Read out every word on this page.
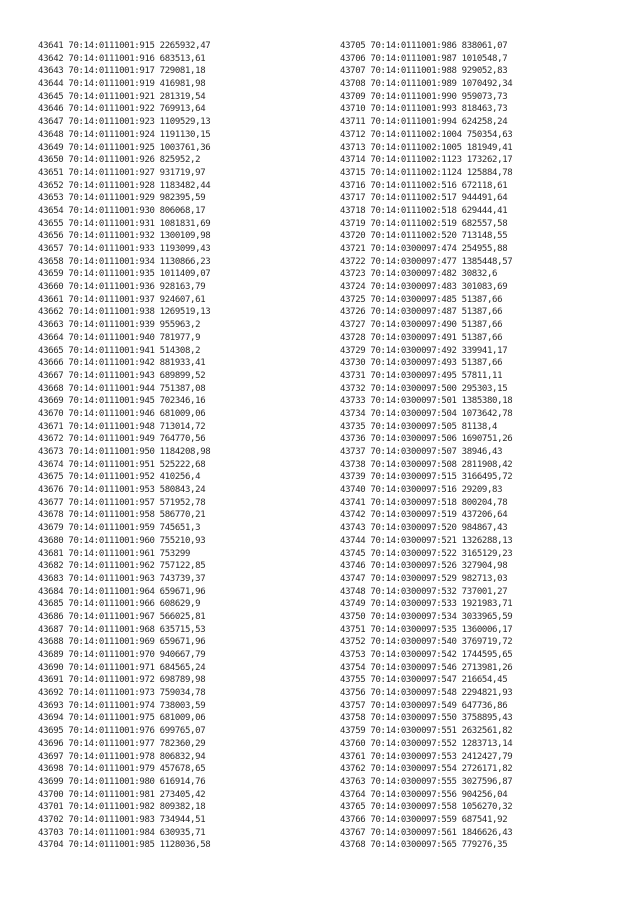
43641 70:14:0111001:915 2265932,47
43642 70:14:0111001:916 683513,61
43643 70:14:0111001:917 729081,18
43644 70:14:0111001:919 416981,98
43645 70:14:0111001:921 281319,54
43646 70:14:0111001:922 769913,64
43647 70:14:0111001:923 1109529,13
43648 70:14:0111001:924 1191130,15
43649 70:14:0111001:925 1003761,36
43650 70:14:0111001:926 825952,2
43651 70:14:0111001:927 931719,97
43652 70:14:0111001:928 1183482,44
43653 70:14:0111001:929 982395,59
43654 70:14:0111001:930 806068,17
43655 70:14:0111001:931 1081831,69
43656 70:14:0111001:932 1300109,98
43657 70:14:0111001:933 1193099,43
43658 70:14:0111001:934 1130866,23
43659 70:14:0111001:935 1011409,07
43660 70:14:0111001:936 928163,79
43661 70:14:0111001:937 924607,61
43662 70:14:0111001:938 1269519,13
43663 70:14:0111001:939 955963,2
43664 70:14:0111001:940 781977,9
43665 70:14:0111001:941 514308,2
43666 70:14:0111001:942 881933,41
43667 70:14:0111001:943 689899,52
43668 70:14:0111001:944 751387,08
43669 70:14:0111001:945 702346,16
43670 70:14:0111001:946 681009,06
43671 70:14:0111001:948 713014,72
43672 70:14:0111001:949 764770,56
43673 70:14:0111001:950 1184208,98
43674 70:14:0111001:951 525222,68
43675 70:14:0111001:952 410256,4
43676 70:14:0111001:953 580843,24
43677 70:14:0111001:957 571952,78
43678 70:14:0111001:958 586770,21
43679 70:14:0111001:959 745651,3
43680 70:14:0111001:960 755210,93
43681 70:14:0111001:961 753299
43682 70:14:0111001:962 757122,85
43683 70:14:0111001:963 743739,37
43684 70:14:0111001:964 659671,96
43685 70:14:0111001:966 608629,9
43686 70:14:0111001:967 566025,81
43687 70:14:0111001:968 635715,53
43688 70:14:0111001:969 659671,96
43689 70:14:0111001:970 940667,79
43690 70:14:0111001:971 684565,24
43691 70:14:0111001:972 698789,98
43692 70:14:0111001:973 759034,78
43693 70:14:0111001:974 738003,59
43694 70:14:0111001:975 681009,06
43695 70:14:0111001:976 699765,07
43696 70:14:0111001:977 782360,29
43697 70:14:0111001:978 806832,94
43698 70:14:0111001:979 457678,65
43699 70:14:0111001:980 616914,76
43700 70:14:0111001:981 273405,42
43701 70:14:0111001:982 809382,18
43702 70:14:0111001:983 734944,51
43703 70:14:0111001:984 630935,71
43704 70:14:0111001:985 1128036,58
43705 70:14:0111001:986 838061,07
43706 70:14:0111001:987 1010548,7
43707 70:14:0111001:988 929052,83
43708 70:14:0111001:989 1070492,34
43709 70:14:0111001:990 959073,73
43710 70:14:0111001:993 818463,73
43711 70:14:0111001:994 624258,24
43712 70:14:0111002:1004 750354,63
43713 70:14:0111002:1005 181949,41
43714 70:14:0111002:1123 173262,17
43715 70:14:0111002:1124 125884,78
43716 70:14:0111002:516 672118,61
43717 70:14:0111002:517 944491,64
43718 70:14:0111002:518 629444,41
43719 70:14:0111002:519 682557,58
43720 70:14:0111002:520 713148,55
43721 70:14:0300097:474 254955,88
43722 70:14:0300097:477 1385448,57
43723 70:14:0300097:482 30832,6
43724 70:14:0300097:483 301083,69
43725 70:14:0300097:485 51387,66
43726 70:14:0300097:487 51387,66
43727 70:14:0300097:490 51387,66
43728 70:14:0300097:491 51387,66
43729 70:14:0300097:492 339941,17
43730 70:14:0300097:493 51387,66
43731 70:14:0300097:495 57811,11
43732 70:14:0300097:500 295303,15
43733 70:14:0300097:501 1385380,18
43734 70:14:0300097:504 1073642,78
43735 70:14:0300097:505 81138,4
43736 70:14:0300097:506 1690751,26
43737 70:14:0300097:507 38946,43
43738 70:14:0300097:508 2811908,42
43739 70:14:0300097:515 3166495,72
43740 70:14:0300097:516 29209,83
43741 70:14:0300097:518 800204,78
43742 70:14:0300097:519 437206,64
43743 70:14:0300097:520 984867,43
43744 70:14:0300097:521 1326288,13
43745 70:14:0300097:522 3165129,23
43746 70:14:0300097:526 327904,98
43747 70:14:0300097:529 982713,03
43748 70:14:0300097:532 737001,27
43749 70:14:0300097:533 1921983,71
43750 70:14:0300097:534 3033965,59
43751 70:14:0300097:535 1360006,17
43752 70:14:0300097:540 3769719,72
43753 70:14:0300097:542 1744595,65
43754 70:14:0300097:546 2713981,26
43755 70:14:0300097:547 216654,45
43756 70:14:0300097:548 2294821,93
43757 70:14:0300097:549 647736,86
43758 70:14:0300097:550 3758895,43
43759 70:14:0300097:551 2632561,82
43760 70:14:0300097:552 1283713,14
43761 70:14:0300097:553 2412427,79
43762 70:14:0300097:554 2726171,82
43763 70:14:0300097:555 3027596,87
43764 70:14:0300097:556 904256,04
43765 70:14:0300097:558 1056270,32
43766 70:14:0300097:559 687541,92
43767 70:14:0300097:561 1846626,43
43768 70:14:0300097:565 779276,35
